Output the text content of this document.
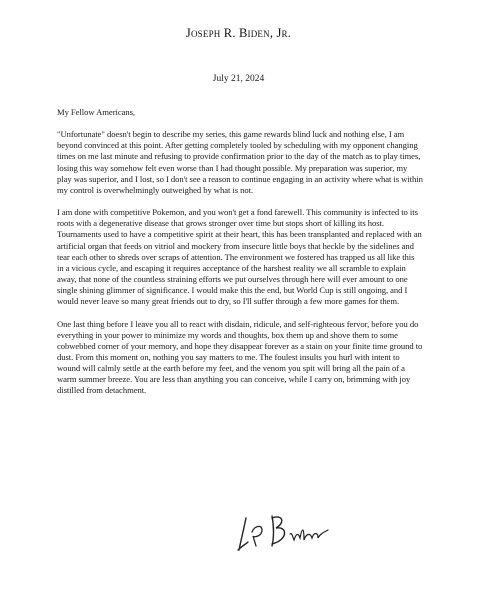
Joseph R. Biden, Jr.
July 21, 2024

My Fellow Americans,

"Unfortunate" doesn't begin to describe my series, this game rewards blind luck and nothing else, I am beyond convinced at this point. After getting completely tooled by scheduling with my opponent changing times on me last minute and refusing to provide confirmation prior to the day of the match as to play times, losing this way somehow felt even worse than I had thought possible. My preparation was superior, my play was superior, and I lost, so I don't see a reason to continue engaging in an activity where what is within my control is overwhelmingly outweighed by what is not.

I am done with competitive Pokemon, and you won't get a fond farewell. This community is infected to its roots with a degenerative disease that grows stronger over time but stops short of killing its host. Tournaments used to have a competitive spirit at their heart, this has been transplanted and replaced with an artificial organ that feeds on vitriol and mockery from insecure little boys that heckle by the sidelines and tear each other to shreds over scraps of attention. The environment we fostered has trapped us all like this in a vicious cycle, and escaping it requires acceptance of the harshest reality we all scramble to explain away, that none of the countless straining efforts we put ourselves through here will ever amount to one single shining glimmer of significance. I would make this the end, but World Cup is still ongoing, and I would never leave so many great friends out to dry, so I'll suffer through a few more games for them.

One last thing before I leave you all to react with disdain, ridicule, and self-righteous fervor, before you do everything in your power to minimize my words and thoughts, box them up and shove them to some cobwebbed corner of your memory, and hope they disappear forever as a stain on your finite time ground to dust. From this moment on, nothing you say matters to me. The foulest insults you hurl with intent to wound will calmly settle at the earth before my feet, and the venom you spit will bring all the pain of a warm summer breeze. You are less than anything you can conceive, while I carry on, brimming with joy distilled from detachment.
